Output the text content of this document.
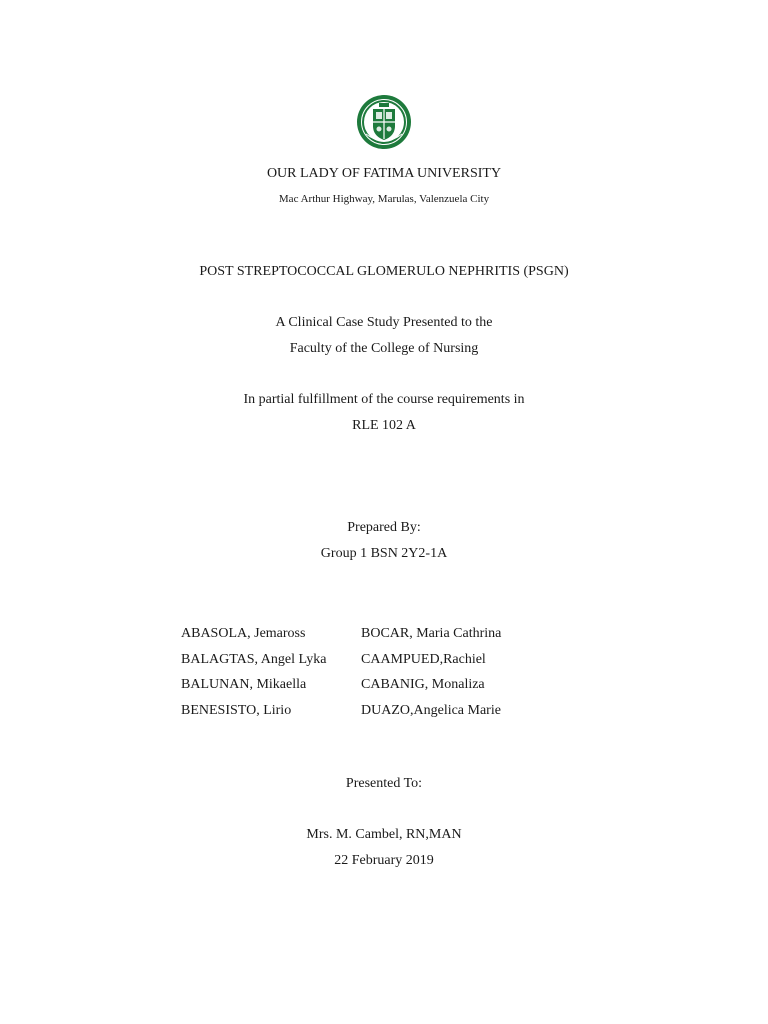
OUR LADY OF FATIMA UNIVERSITY
Mac Arthur Highway, Marulas, Valenzuela City
POST STREPTOCOCCAL GLOMERULO NEPHRITIS (PSGN)
A Clinical Case Study Presented to the
Faculty of the College of Nursing
In partial fulfillment of the course requirements in
RLE 102 A
Prepared By:
Group 1 BSN 2Y2-1A
ABASOLA, Jemaross
BALAGTAS, Angel Lyka
BALUNAN, Mikaella
BENESISTO, Lirio
BOCAR, Maria Cathrina
CAAMPUED,Rachiel
CABANIG, Monaliza
DUAZO,Angelica Marie
Presented To:
Mrs. M. Cambel, RN,MAN
22 February 2019
